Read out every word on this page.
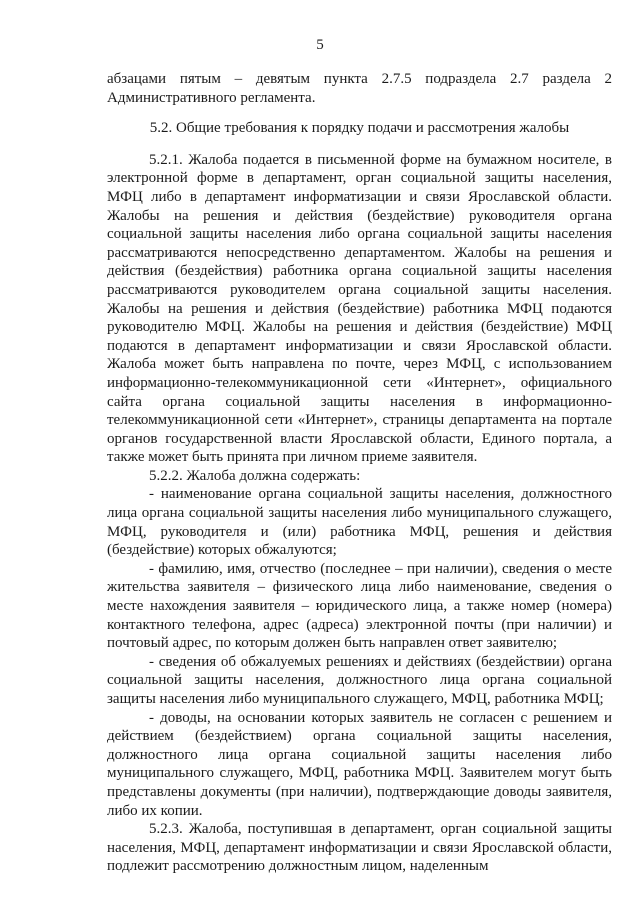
5

абзацами пятым – девятым пункта 2.7.5 подраздела 2.7 раздела 2 Административного регламента.

5.2. Общие требования к порядку подачи и рассмотрения жалобы

5.2.1. Жалоба подается в письменной форме на бумажном носителе, в электронной форме в департамент, орган социальной защиты населения, МФЦ либо в департамент информатизации и связи Ярославской области. Жалобы на решения и действия (бездействие) руководителя органа социальной защиты населения либо органа социальной защиты населения рассматриваются непосредственно департаментом. Жалобы на решения и действия (бездействия) работника органа социальной защиты населения рассматриваются руководителем органа социальной защиты населения. Жалобы на решения и действия (бездействие) работника МФЦ подаются руководителю МФЦ. Жалобы на решения и действия (бездействие) МФЦ подаются в департамент информатизации и связи Ярославской области. Жалоба может быть направлена по почте, через МФЦ, с использованием информационно-телекоммуникационной сети «Интернет», официального сайта органа социальной защиты населения в информационно-телекоммуникационной сети «Интернет», страницы департамента на портале органов государственной власти Ярославской области, Единого портала, а также может быть принята при личном приеме заявителя.

5.2.2. Жалоба должна содержать:

- наименование органа социальной защиты населения, должностного лица органа социальной защиты населения либо муниципального служащего, МФЦ, руководителя и (или) работника МФЦ, решения и действия (бездействие) которых обжалуются;

- фамилию, имя, отчество (последнее – при наличии), сведения о месте жительства заявителя – физического лица либо наименование, сведения о месте нахождения заявителя – юридического лица, а также номер (номера) контактного телефона, адрес (адреса) электронной почты (при наличии) и почтовый адрес, по которым должен быть направлен ответ заявителю;

- сведения об обжалуемых решениях и действиях (бездействии) органа социальной защиты населения, должностного лица органа социальной защиты населения либо муниципального служащего, МФЦ, работника МФЦ;

- доводы, на основании которых заявитель не согласен с решением и действием (бездействием) органа социальной защиты населения, должностного лица органа социальной защиты населения либо муниципального служащего, МФЦ, работника МФЦ. Заявителем могут быть представлены документы (при наличии), подтверждающие доводы заявителя, либо их копии.

5.2.3. Жалоба, поступившая в департамент, орган социальной защиты населения, МФЦ, департамент информатизации и связи Ярославской области, подлежит рассмотрению должностным лицом, наделенным
